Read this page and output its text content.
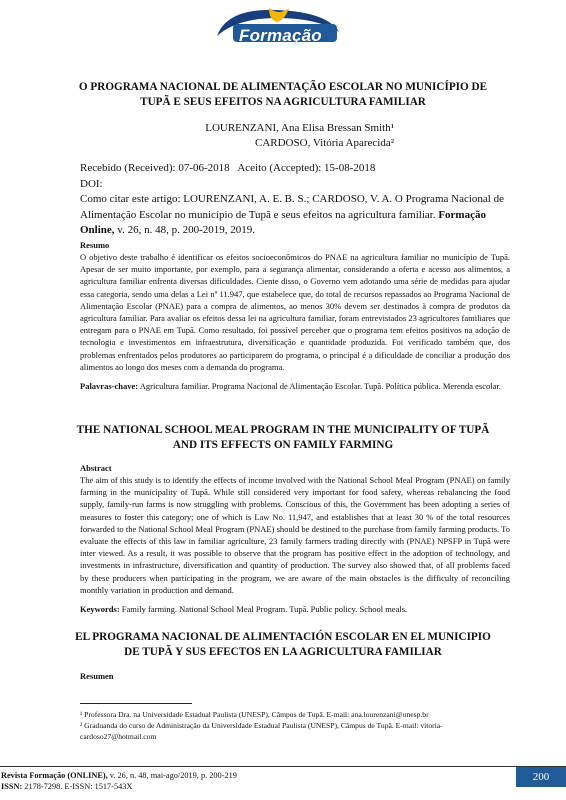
Formação
O PROGRAMA NACIONAL DE ALIMENTAÇÃO ESCOLAR NO MUNICÍPIO DE TUPÃ E SEUS EFEITOS NA AGRICULTURA FAMILIAR
LOURENZANI, Ana Elisa Bressan Smith¹
CARDOSO, Vitória Aparecida²

Recebido (Received): 07-06-2018   Aceito (Accepted): 15-08-2018

DOI:

Como citar este artigo: LOURENZANI, A. E. B. S.; CARDOSO, V. A. O Programa Nacional de Alimentação Escolar no município de Tupã e seus efeitos na agricultura familiar. Formação Online, v. 26, n. 48, p. 200-2019, 2019.

Resumo

O objetivo deste trabalho é identificar os efeitos socioeconômicos do PNAE na agricultura familiar no município de Tupã. Apesar de ser muito importante, por exemplo, para a segurança alimentar, considerando a oferta e acesso aos alimentos, a agricultura familiar enfrenta diversas dificuldades. Ciente disso, o Governo vem adotando uma série de medidas para ajudar essa categoria, sendo uma delas a Lei nº 11.947, que estabelece que, do total de recursos repassados ao Programa Nacional de Alimentação Escolar (PNAE) para a compra de alimentos, ao menos 30% devem ser destinados à compra de produtos da agricultura familiar. Para avaliar os efeitos dessa lei na agricultura familiar, foram entrevistados 23 agricultores familiares que entregam para o PNAE em Tupã. Como resultado, foi possível perceber que o programa tem efeitos positivos na adoção de tecnologia e investimentos em infraestrutura, diversificação e quantidade produzida. Foi verificado também que, dos problemas enfrentados pelos produtores ao participarem do programa, o principal é a dificuldade de conciliar a produção dos alimentos ao longo dos meses com a demanda do programa.

Palavras-chave: Agricultura familiar. Programa Nacional de Alimentação Escolar. Tupã. Política pública. Merenda escolar.

THE NATIONAL SCHOOL MEAL PROGRAM IN THE MUNICIPALITY OF TUPÃ AND ITS EFFECTS ON FAMILY FARMING

Abstract

The aim of this study is to identify the effects of income involved with the National School Meal Program (PNAE) on family farming in the municipality of Tupã. While still considered very important for food safety, whereas rebalancing the food supply, family-run farms is now struggling with problems. Conscious of this, the Government has been adopting a series of measures to foster this category; one of which is Law No. 11,947, and establishes that at least 30 % of the total resources forwarded to the National School Meal Program (PNAE) should be destined to the purchase from family farming products. To evaluate the effects of this law in familiar agriculture, 23 family farmers trading directly with (PNAE) NPSFP in Tupã were inter viewed. As a result, it was possible to observe that the program has positive effect in the adoption of technology, and investments in infrastructure, diversification and quantity of production. The survey also showed that, of all problems faced by these producers when participating in the program, we are aware of the main obstacles is the difficulty of reconciling monthly variation in production and demand.

Keywords: Family farming. National School Meal Program. Tupã. Public policy. School meals.

EL PROGRAMA NACIONAL DE ALIMENTACIÓN ESCOLAR EN EL MUNICIPIO DE TUPÃ Y SUS EFECTOS EN LA AGRICULTURA FAMILIAR

Resumen

¹ Professora Dra. na Universidade Estadual Paulista (UNESP), Câmpus de Tupã. E-mail: ana.lourenzani@unesp.br

² Graduanda do curso de Administração da Universidade Estadual Paulista (UNESP), Câmpus de Tupã. E-mail: vitoria-cardoso27@hotmail.com

Revista Formação (ONLINE), v. 26, n. 48, mai-ago/2019, p. 200-219
ISSN: 2178-7298. E-ISSN: 1517-543X
200
